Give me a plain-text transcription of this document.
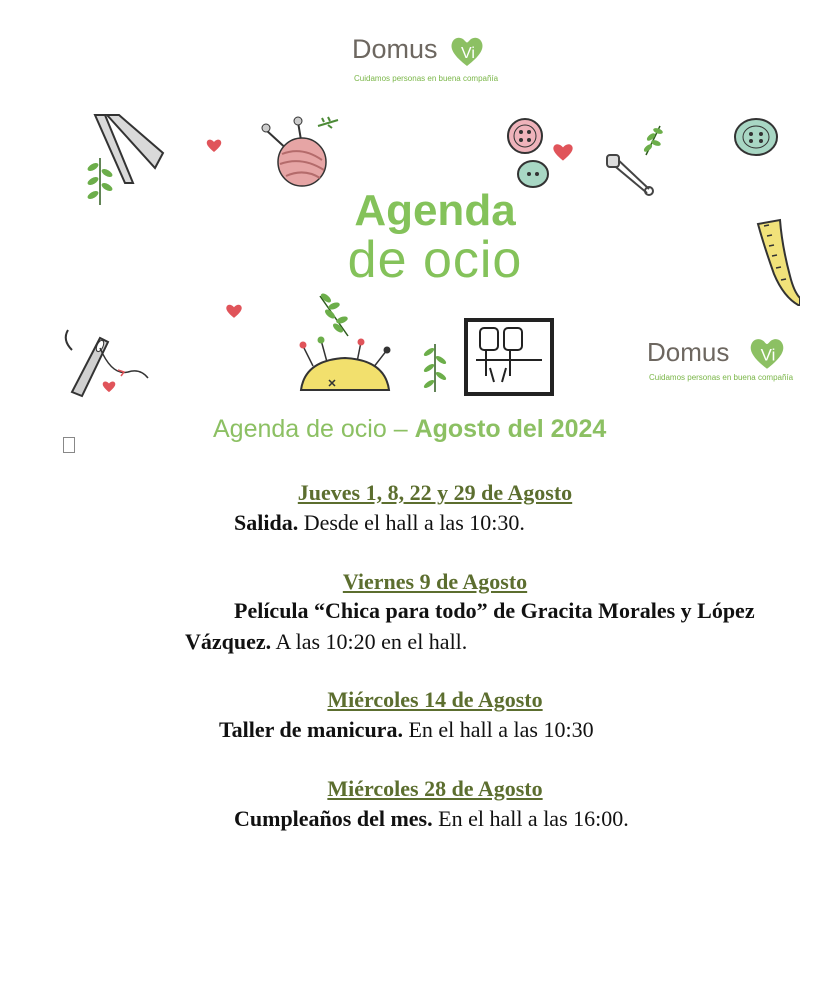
Domus Vi
Cuidamos personas en buena compañía
Agenda
de ocio
Domus Vi
Cuidamos personas en buena compañía
Agenda de ocio – Agosto del 2024
Jueves 1, 8, 22 y 29 de Agosto
Salida. Desde el hall a las 10:30.
Viernes 9 de Agosto
Película “Chica para todo” de Gracita Morales y López
Vázquez. A las 10:20 en el hall.
Miércoles 14 de Agosto
Taller de manicura. En el hall a las 10:30
Miércoles 28 de Agosto
Cumpleaños del mes. En el hall a las 16:00.
